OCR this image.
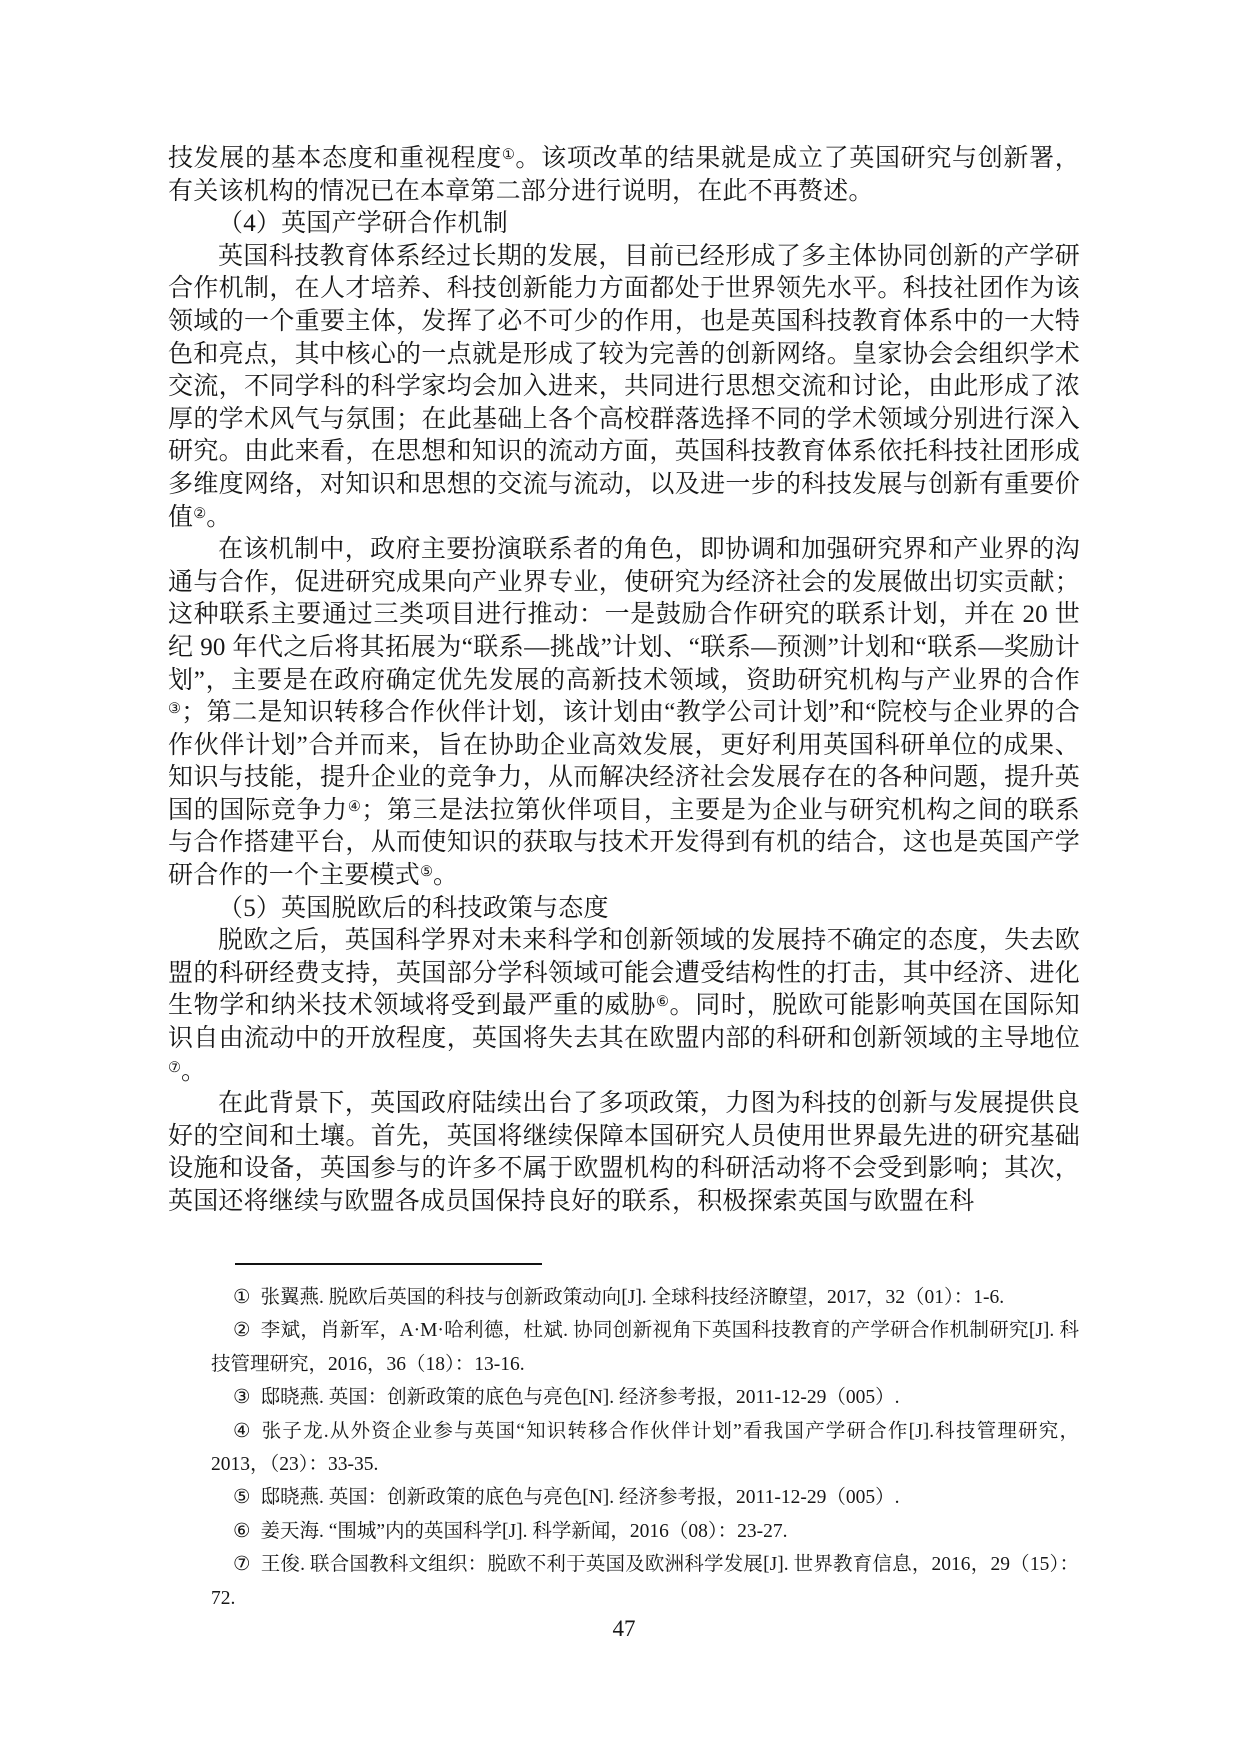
技发展的基本态度和重视程度①。该项改革的结果就是成立了英国研究与创新署，有关该机构的情况已在本章第二部分进行说明，在此不再赘述。

（4）英国产学研合作机制

英国科技教育体系经过长期的发展，目前已经形成了多主体协同创新的产学研合作机制，在人才培养、科技创新能力方面都处于世界领先水平。科技社团作为该领域的一个重要主体，发挥了必不可少的作用，也是英国科技教育体系中的一大特色和亮点，其中核心的一点就是形成了较为完善的创新网络。皇家协会会组织学术交流，不同学科的科学家均会加入进来，共同进行思想交流和讨论，由此形成了浓厚的学术风气与氛围；在此基础上各个高校群落选择不同的学术领域分别进行深入研究。由此来看，在思想和知识的流动方面，英国科技教育体系依托科技社团形成多维度网络，对知识和思想的交流与流动，以及进一步的科技发展与创新有重要价值②。

在该机制中，政府主要扮演联系者的角色，即协调和加强研究界和产业界的沟通与合作，促进研究成果向产业界专业，使研究为经济社会的发展做出切实贡献；这种联系主要通过三类项目进行推动：一是鼓励合作研究的联系计划，并在 20 世纪 90 年代之后将其拓展为“联系—挑战”计划、“联系—预测”计划和“联系—奖励计划”，主要是在政府确定优先发展的高新技术领域，资助研究机构与产业界的合作③；第二是知识转移合作伙伴计划，该计划由“教学公司计划”和“院校与企业界的合作伙伴计划”合并而来，旨在协助企业高效发展，更好利用英国科研单位的成果、知识与技能，提升企业的竞争力，从而解决经济社会发展存在的各种问题，提升英国的国际竞争力④；第三是法拉第伙伴项目，主要是为企业与研究机构之间的联系与合作搭建平台，从而使知识的获取与技术开发得到有机的结合，这也是英国产学研合作的一个主要模式⑤。

（5）英国脱欧后的科技政策与态度

脱欧之后，英国科学界对未来科学和创新领域的发展持不确定的态度，失去欧盟的科研经费支持，英国部分学科领域可能会遭受结构性的打击，其中经济、进化生物学和纳米技术领域将受到最严重的威胁⑥。同时，脱欧可能影响英国在国际知识自由流动中的开放程度，英国将失去其在欧盟内部的科研和创新领域的主导地位⑦。

在此背景下，英国政府陆续出台了多项政策，力图为科技的创新与发展提供良好的空间和土壤。首先，英国将继续保障本国研究人员使用世界最先进的研究基础设施和设备，英国参与的许多不属于欧盟机构的科研活动将不会受到影响；其次，英国还将继续与欧盟各成员国保持良好的联系，积极探索英国与欧盟在科

① 张翼燕. 脱欧后英国的科技与创新政策动向[J]. 全球科技经济瞭望，2017，32（01）：1-6.
② 李斌，肖新军，A·M·哈利德，杜斌. 协同创新视角下英国科技教育的产学研合作机制研究[J]. 科技管理研究，2016，36（18）：13-16.
③ 邸晓燕. 英国：创新政策的底色与亮色[N]. 经济参考报，2011-12-29（005）.
④ 张子龙.从外资企业参与英国“知识转移合作伙伴计划”看我国产学研合作[J].科技管理研究，2013，（23）：33-35.
⑤ 邸晓燕. 英国：创新政策的底色与亮色[N]. 经济参考报，2011-12-29（005）.
⑥ 姜天海. “围城”内的英国科学[J]. 科学新闻，2016（08）：23-27.
⑦ 王俊. 联合国教科文组织：脱欧不利于英国及欧洲科学发展[J]. 世界教育信息，2016，29（15）：72.
47
